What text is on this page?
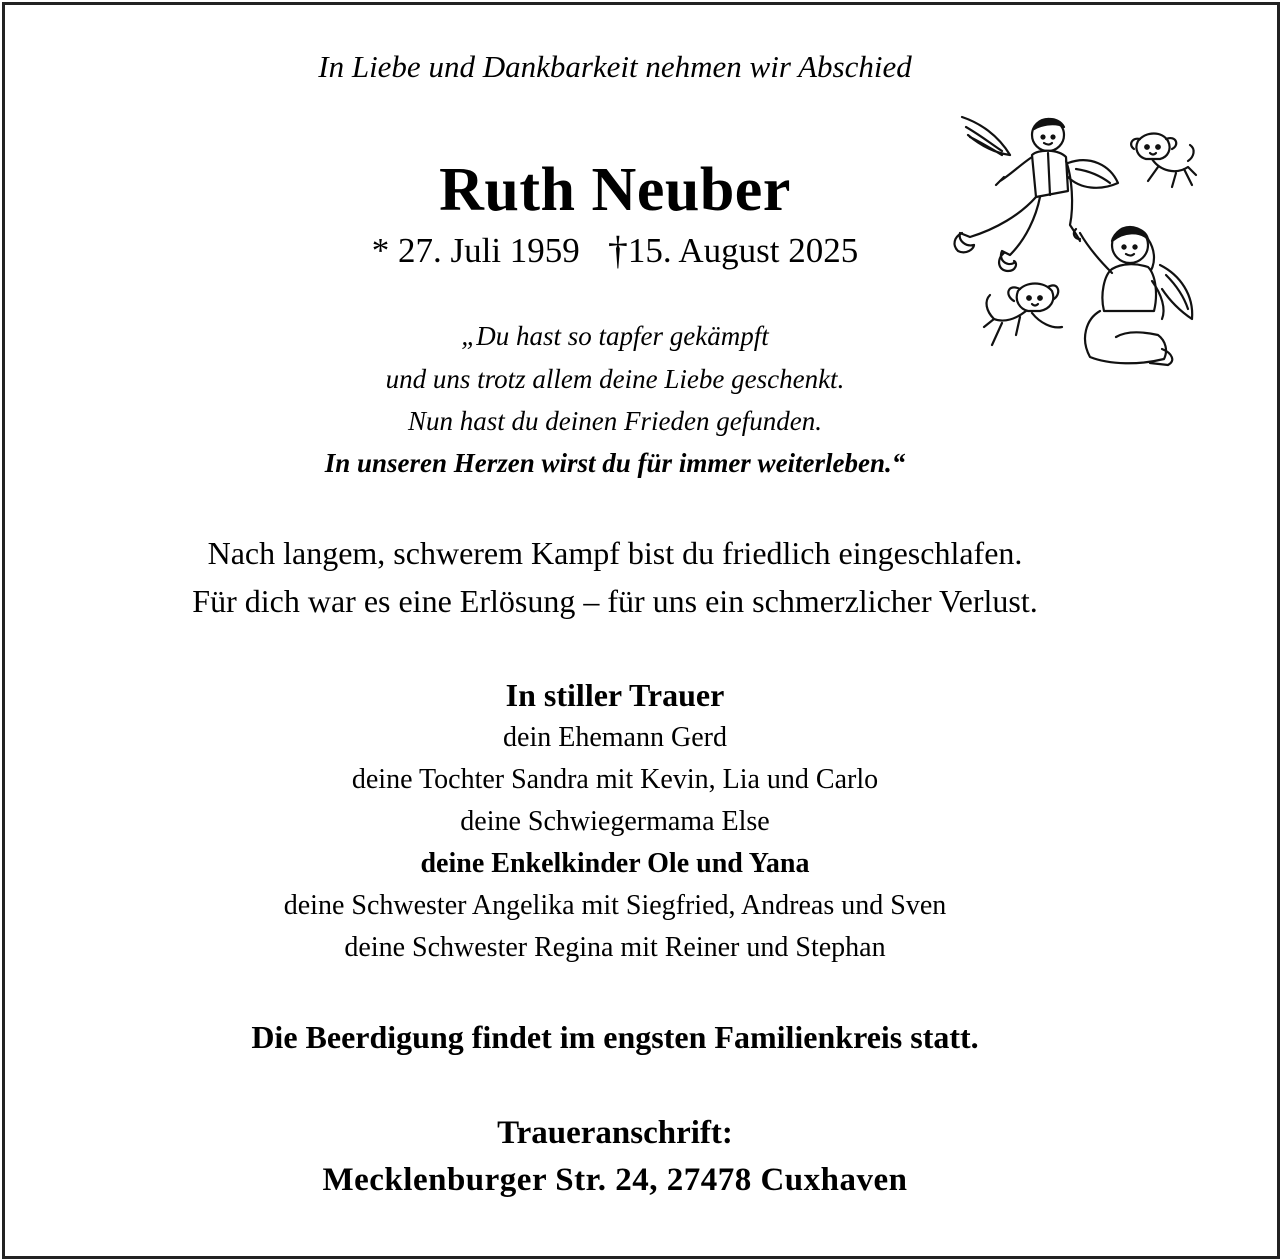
In Liebe und Dankbarkeit nehmen wir Abschied
Ruth Neuber
* 27. Juli 1959 †15. August 2025
„Du hast so tapfer gekämpft
und uns trotz allem deine Liebe geschenkt.
Nun hast du deinen Frieden gefunden.
In unseren Herzen wirst du für immer weiterleben.“
Nach langem, schwerem Kampf bist du friedlich eingeschlafen.
Für dich war es eine Erlösung – für uns ein schmerzlicher Verlust.
In stiller Trauer
dein Ehemann Gerd
deine Tochter Sandra mit Kevin, Lia und Carlo
deine Schwiegermama Else
deine Enkelkinder Ole und Yana
deine Schwester Angelika mit Siegfried, Andreas und Sven
deine Schwester Regina mit Reiner und Stephan
Die Beerdigung findet im engsten Familienkreis statt.
Traueranschrift:
Mecklenburger Str. 24, 27478 Cuxhaven
